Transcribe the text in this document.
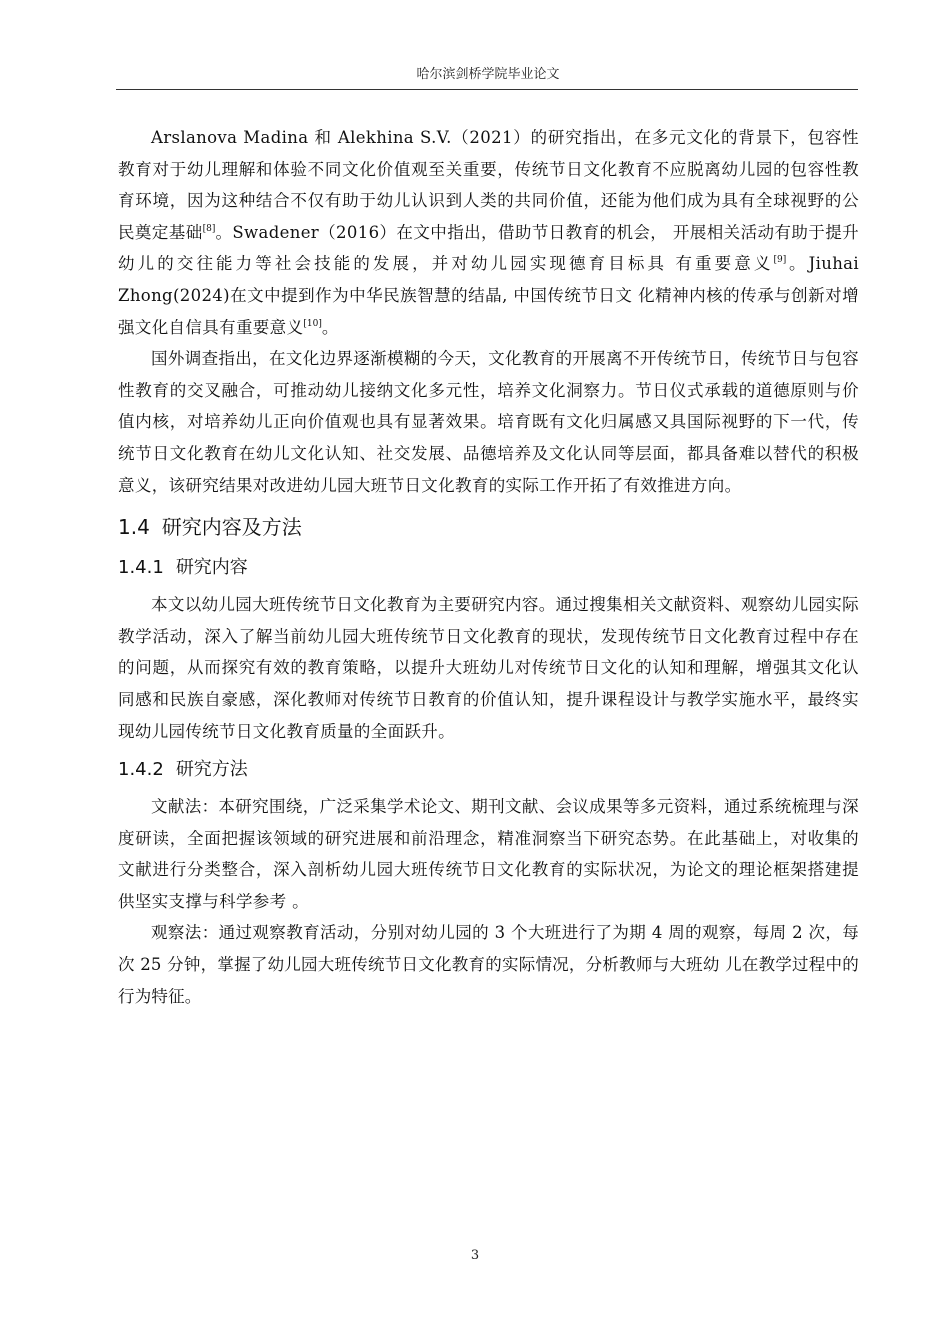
哈尔滨剑桥学院毕业论文

Arslanova Madina 和 Alekhina S.V.（2021）的研究指出，在多元文化的背景下，包容性教育对于幼儿理解和体验不同文化价值观至关重要，传统节日文化教育不应脱离幼儿园的包容性教育环境，因为这种结合不仅有助于幼儿认识到人类的共同价值，还能为他们成为具有全球视野的公民奠定基础[8]。Swadener（2016）在文中指出，借助节日教育的机会， 开展相关活动有助于提升幼儿的交往能力等社会技能的发展，并对幼儿园实现德育目标具 有重要意义[9]。Jiuhai Zhong(2024)在文中提到作为中华民族智慧的结晶, 中国传统节日文 化精神内核的传承与创新对增强文化自信具有重要意义[10]。

国外调查指出，在文化边界逐渐模糊的今天，文化教育的开展离不开传统节日，传统节日与包容性教育的交叉融合，可推动幼儿接纳文化多元性，培养文化洞察力。节日仪式承载的道德原则与价值内核，对培养幼儿正向价值观也具有显著效果。培育既有文化归属感又具国际视野的下一代，传统节日文化教育在幼儿文化认知、社交发展、品德培养及文化认同等层面，都具备难以替代的积极意义，该研究结果对改进幼儿园大班节日文化教育的实际工作开拓了有效推进方向。

1.4 研究内容及方法
1.4.1 研究内容

本文以幼儿园大班传统节日文化教育为主要研究内容。通过搜集相关文献资料、观察幼儿园实际教学活动，深入了解当前幼儿园大班传统节日文化教育的现状，发现传统节日文化教育过程中存在的问题，从而探究有效的教育策略，以提升大班幼儿对传统节日文化的认知和理解，增强其文化认同感和民族自豪感，深化教师对传统节日教育的价值认知，提升课程设计与教学实施水平，最终实现幼儿园传统节日文化教育质量的全面跃升。

1.4.2 研究方法

文献法：本研究围绕，广泛采集学术论文、期刊文献、会议成果等多元资料，通过系统梳理与深度研读，全面把握该领域的研究进展和前沿理念，精准洞察当下研究态势。在此基础上，对收集的文献进行分类整合，深入剖析幼儿园大班传统节日文化教育的实际状况，为论文的理论框架搭建提供坚实支撑与科学参考 。

观察法：通过观察教育活动，分别对幼儿园的 3 个大班进行了为期 4 周的观察，每周 2 次，每次 25 分钟，掌握了幼儿园大班传统节日文化教育的实际情况，分析教师与大班幼 儿在教学过程中的行为特征。

3
